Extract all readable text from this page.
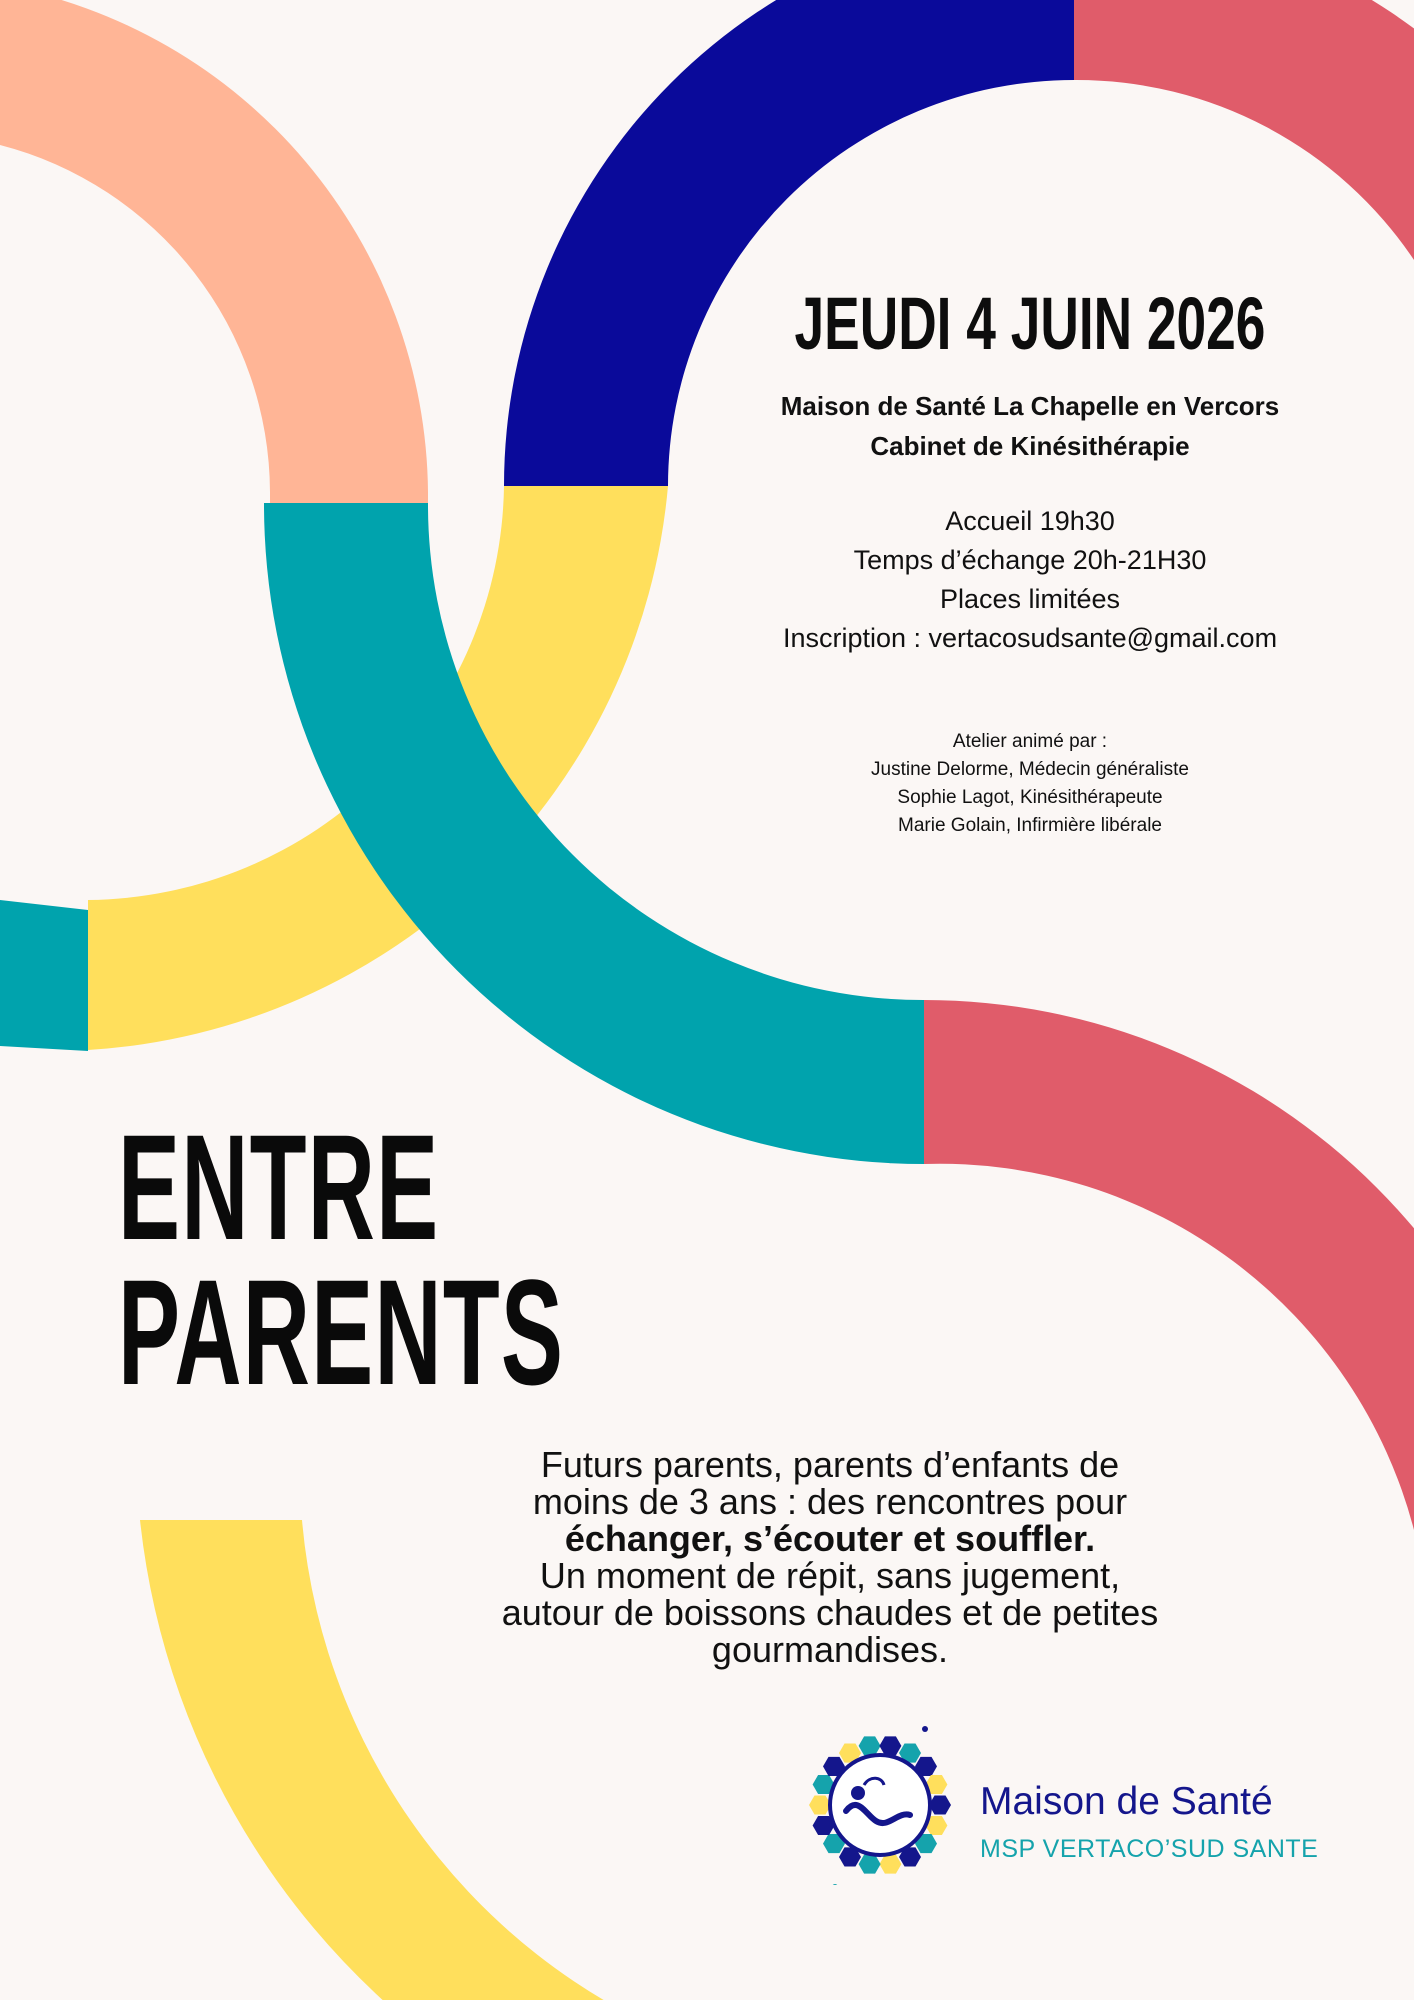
JEUDI 4 JUIN 2026
Maison de Santé La Chapelle en Vercors
Cabinet de Kinésithérapie
Accueil 19h30
Temps d’échange 20h-21H30
Places limitées
Inscription : vertacosudsante@gmail.com
Atelier animé par :
Justine Delorme, Médecin généraliste
Sophie Lagot, Kinésithérapeute
Marie Golain, Infirmière libérale
ENTRE
PARENTS
Futurs parents, parents d’enfants de
moins de 3 ans : des rencontres pour
échanger, s’écouter et souffler.
Un moment de répit, sans jugement,
autour de boissons chaudes et de petites
gourmandises.
Maison de Santé
MSP VERTACO’SUD SANTE
